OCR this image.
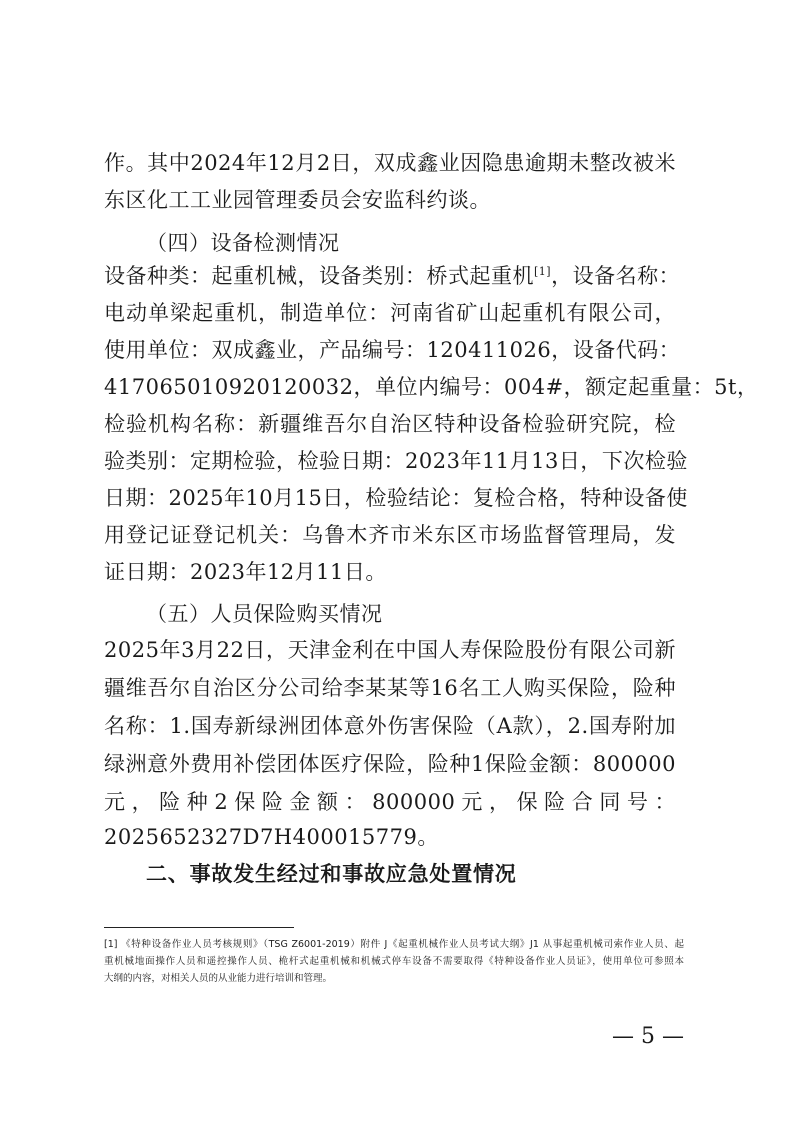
作。其中2024年12月2日，双成鑫业因隐患逾期未整改被米
东区化工工业园管理委员会安监科约谈。
（四）设备检测情况
设备种类：起重机械，设备类别：桥式起重机[1]，设备名称：
电动单梁起重机，制造单位：河南省矿山起重机有限公司，
使用单位：双成鑫业，产品编号：120411026，设备代码：
417065010920120032，单位内编号：004#，额定起重量：5t，
检验机构名称：新疆维吾尔自治区特种设备检验研究院，检
验类别：定期检验，检验日期：2023年11月13日，下次检验
日期：2025年10月15日，检验结论：复检合格，特种设备使
用登记证登记机关：乌鲁木齐市米东区市场监督管理局，发
证日期：2023年12月11日。
（五）人员保险购买情况
2025年3月22日，天津金利在中国人寿保险股份有限公司新
疆维吾尔自治区分公司给李某某等16名工人购买保险，险种
名称：1.国寿新绿洲团体意外伤害保险（A款），2.国寿附加
绿洲意外费用补偿团体医疗保险，险种1保险金额：800000
元，险种2保险金额：800000元，保险合同号：
2025652327D7H400015779。
二、事故发生经过和事故应急处置情况
[1] 《特种设备作业人员考核规则》（TSG Z6001-2019）附件 J《起重机械作业人员考试大纲》J1 从事起重机械司索作业人员、起
重机械地面操作人员和遥控操作人员、桅杆式起重机械和机械式停车设备不需要取得《特种设备作业人员证》，使用单位可参照本
大纲的内容，对相关人员的从业能力进行培训和管理。
— 5 —
